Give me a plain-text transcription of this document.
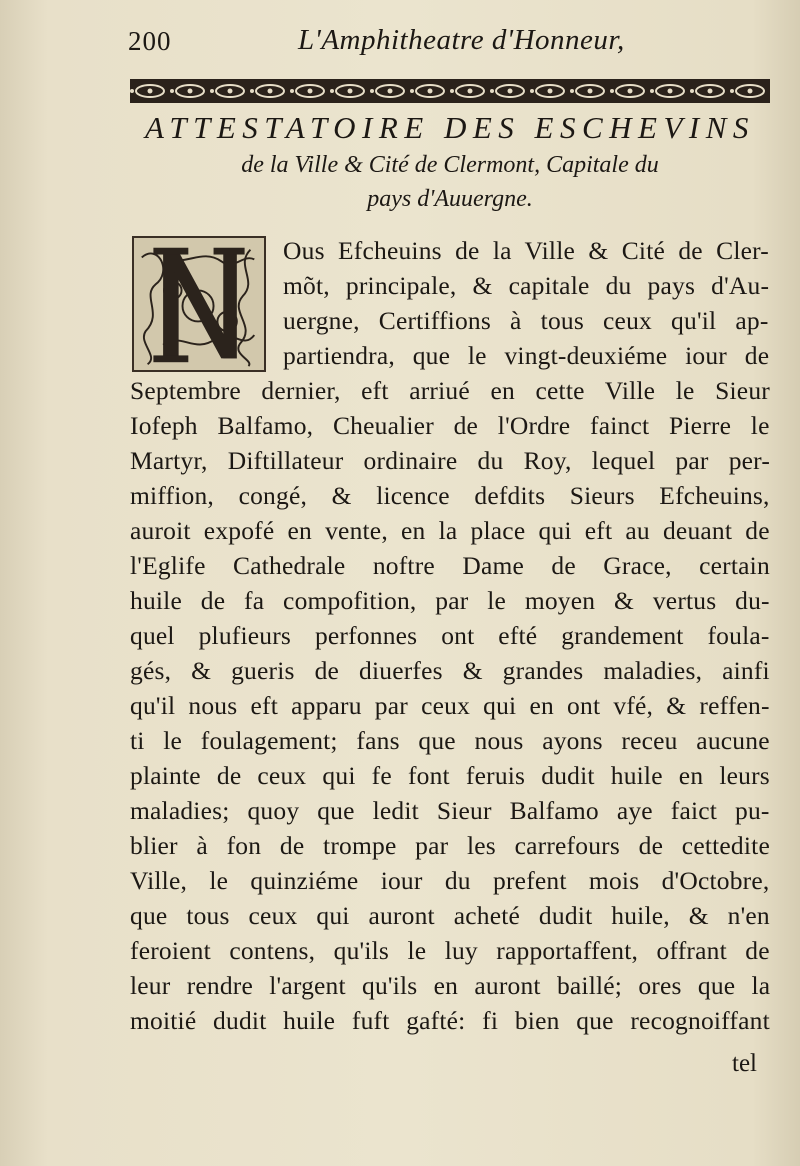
200	L'Amphitheatre d'Honneur,
ATTESTATOIRE DES ESCHEVINS
de la Ville & Cité de Clermont, Capitale du
pays d'Auuergne.
Ous Efcheuins de la Ville & Cité de Cler-
mõt, principale, & capitale du pays d'Au-
uergne, Certiffions à tous ceux qu'il ap-
partiendra, que le vingt-deuxiéme iour de
Septembre dernier, eft arriué en cette Ville le Sieur
Iofeph Balfamo, Cheualier de l'Ordre fainct Pierre le
Martyr, Diftillateur ordinaire du Roy, lequel par per-
miffion, congé, & licence defdits Sieurs Efcheuins,
auroit expofé en vente, en la place qui eft au deuant de
l'Eglife Cathedrale noftre Dame de Grace, certain
huile de fa compofition, par le moyen & vertus du-
quel plufieurs perfonnes ont efté grandement foula-
gés, & gueris de diuerfes & grandes maladies, ainfi
qu'il nous eft apparu par ceux qui en ont vfé, & reffen-
ti le foulagement; fans que nous ayons receu aucune
plainte de ceux qui fe font feruis dudit huile en leurs
maladies; quoy que ledit Sieur Balfamo aye faict pu-
blier à fon de trompe par les carrefours de cettedite
Ville, le quinziéme iour du prefent mois d'Octobre,
que tous ceux qui auront acheté dudit huile, & n'en
feroient contens, qu'ils le luy rapportaffent, offrant de
leur rendre l'argent qu'ils en auront baillé; ores que la
moitié dudit huile fuft gafté: fi bien que recognoiffant
tel
